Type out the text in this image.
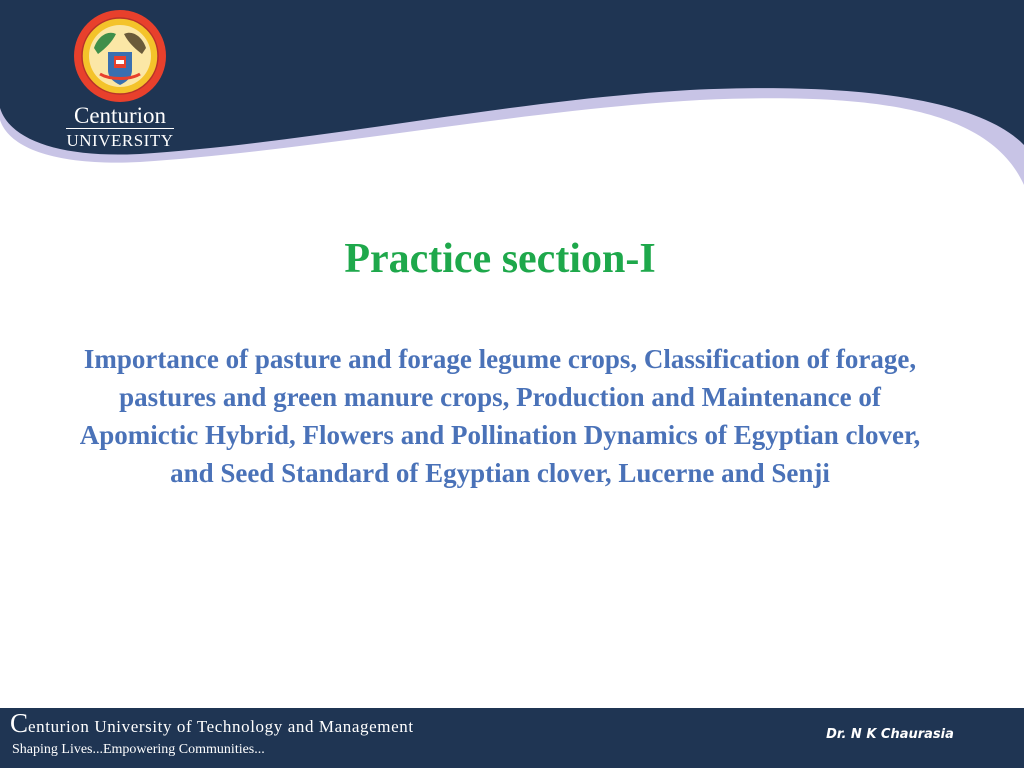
Centurion
UNIVERSITY
Practice section-I
Importance of pasture and forage legume crops, Classification of forage, pastures and green manure crops, Production and Maintenance of Apomictic Hybrid, Flowers and Pollination Dynamics of Egyptian clover, and Seed Standard of Egyptian clover, Lucerne and Senji
Centurion University of Technology and Management
Shaping Lives...Empowering Communities...
Dr. N K Chaurasia
